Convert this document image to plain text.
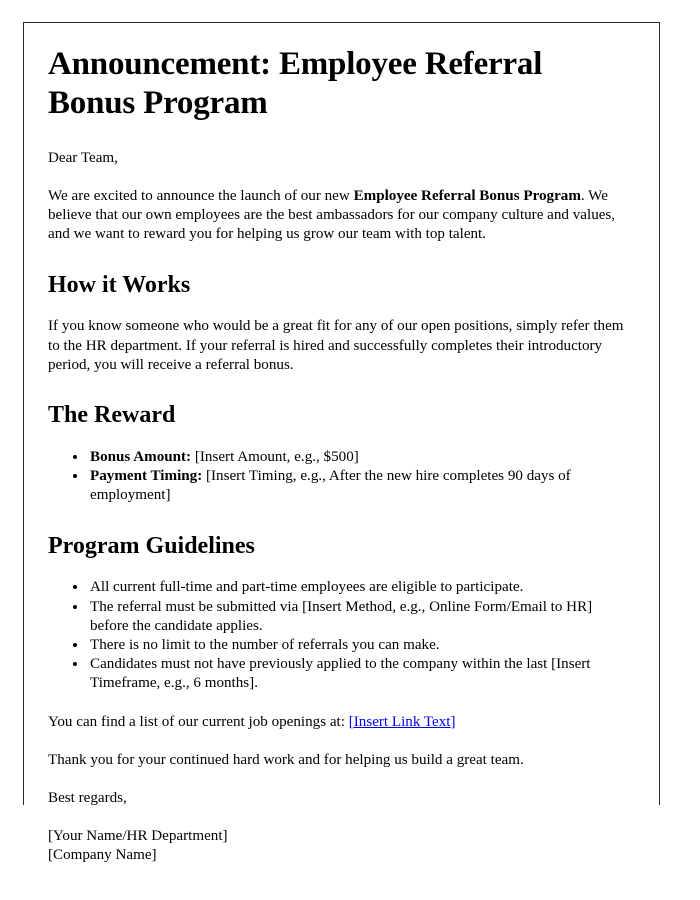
Announcement: Employee Referral Bonus Program

Dear Team,

We are excited to announce the launch of our new Employee Referral Bonus Program. We believe that our own employees are the best ambassadors for our company culture and values, and we want to reward you for helping us grow our team with top talent.

How it Works

If you know someone who would be a great fit for any of our open positions, simply refer them to the HR department. If your referral is hired and successfully completes their introductory period, you will receive a referral bonus.

The Reward
• Bonus Amount: [Insert Amount, e.g., $500]
• Payment Timing: [Insert Timing, e.g., After the new hire completes 90 days of employment]
Program Guidelines
• All current full-time and part-time employees are eligible to participate.
• The referral must be submitted via [Insert Method, e.g., Online Form/Email to HR] before the candidate applies.
• There is no limit to the number of referrals you can make.
• Candidates must not have previously applied to the company within the last [Insert Timeframe, e.g., 6 months].

You can find a list of our current job openings at: [Insert Link Text]

Thank you for your continued hard work and for helping us build a great team.

Best regards,

[Your Name/HR Department]

[Company Name]
